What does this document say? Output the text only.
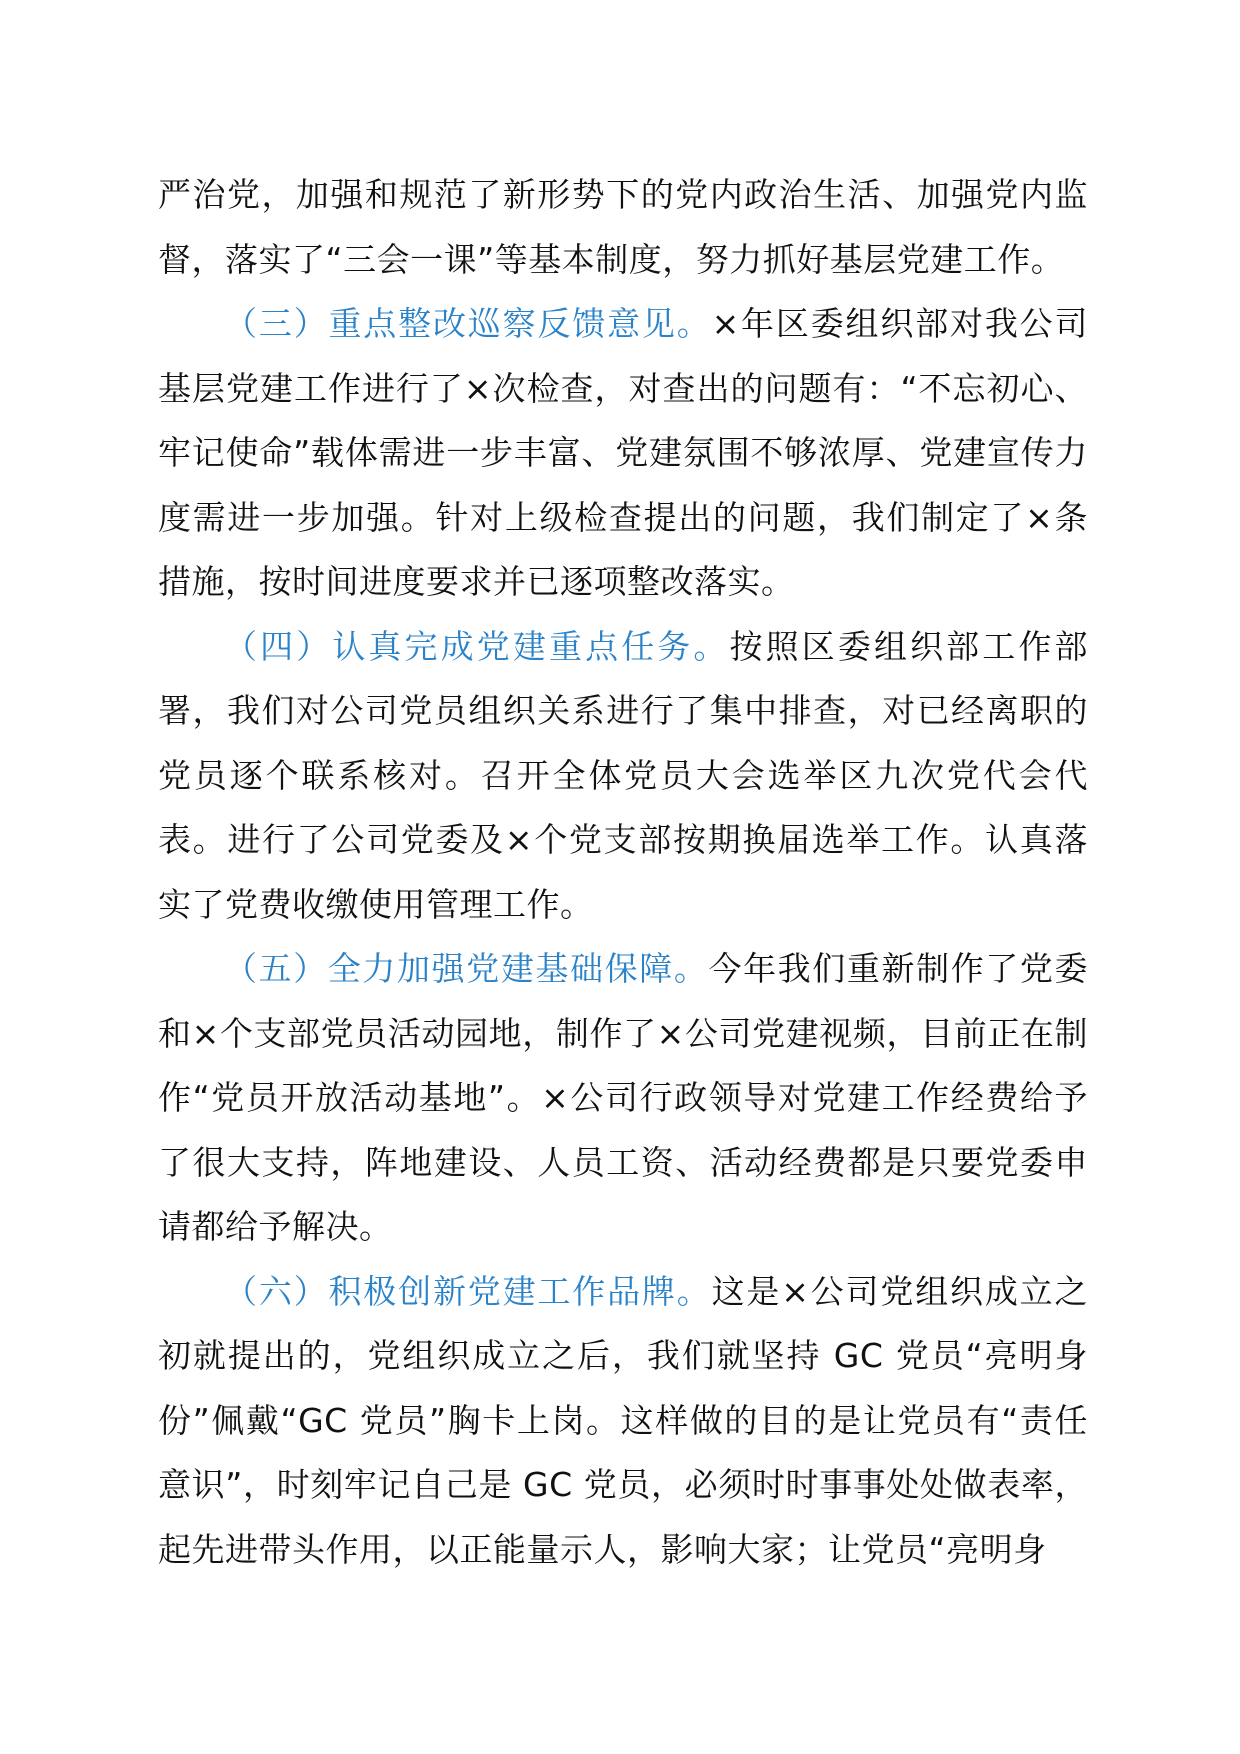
严治党，加强和规范了新形势下的党内政治生活、加强党内监督，落实了“三会一课”等基本制度，努力抓好基层党建工作。

（三）重点整改巡察反馈意见。×年区委组织部对我公司基层党建工作进行了×次检查，对查出的问题有：“不忘初心、牢记使命”载体需进一步丰富、党建氛围不够浓厚、党建宣传力度需进一步加强。针对上级检查提出的问题，我们制定了×条措施，按时间进度要求并已逐项整改落实。

（四）认真完成党建重点任务。按照区委组织部工作部署，我们对公司党员组织关系进行了集中排查，对已经离职的党员逐个联系核对。召开全体党员大会选举区九次党代会代表。进行了公司党委及×个党支部按期换届选举工作。认真落实了党费收缴使用管理工作。

（五）全力加强党建基础保障。今年我们重新制作了党委和×个支部党员活动园地，制作了×公司党建视频，目前正在制作“党员开放活动基地”。×公司行政领导对党建工作经费给予了很大支持，阵地建设、人员工资、活动经费都是只要党委申请都给予解决。

（六）积极创新党建工作品牌。这是×公司党组织成立之初就提出的，党组织成立之后，我们就坚持 GC 党员“亮明身份”佩戴“GC 党员”胸卡上岗。这样做的目的是让党员有“责任意识”，时刻牢记自己是 GC 党员，必须时时事事处处做表率，起先进带头作用，以正能量示人，影响大家；让党员“亮明身
